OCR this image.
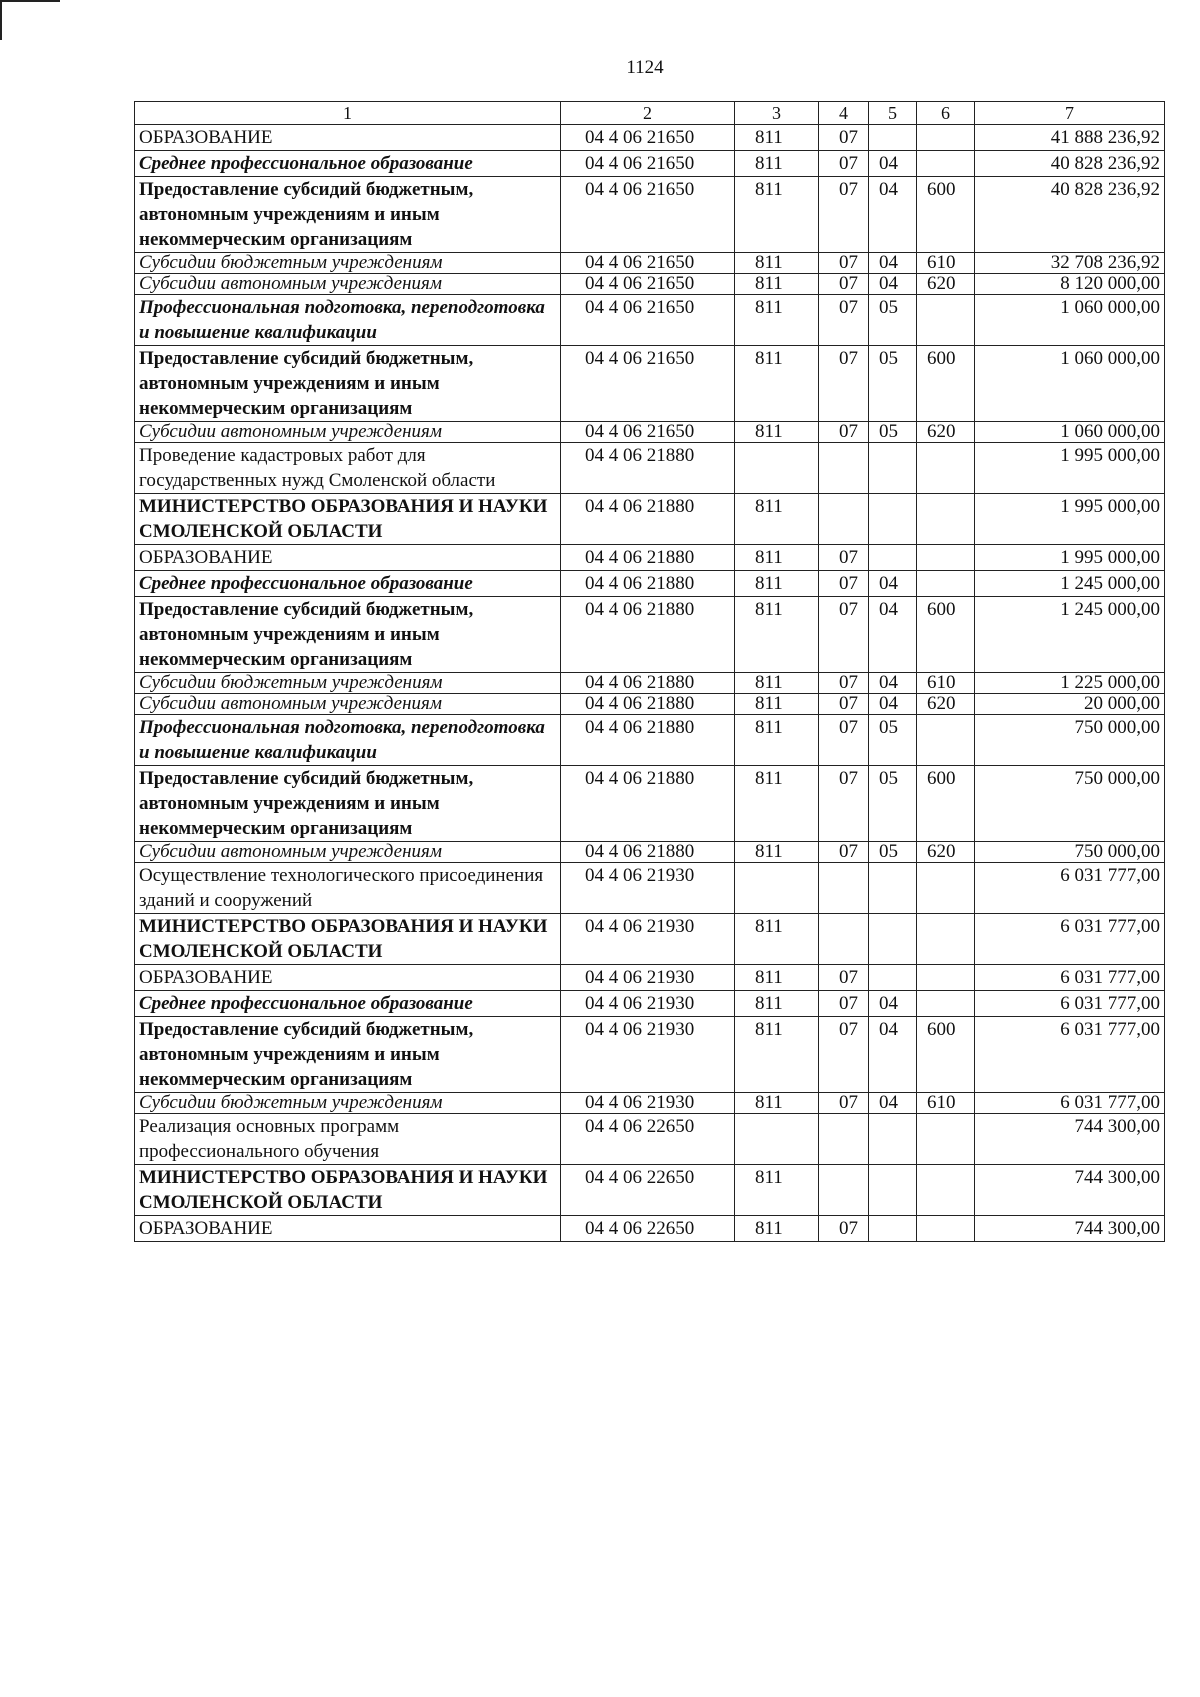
1124
1	2	3	4	5	6	7
ОБРАЗОВАНИЕ	04 4 06 21650	811	07			41 888 236,92
Среднее профессиональное образование	04 4 06 21650	811	07	04		40 828 236,92
Предоставление субсидий бюджетным, автономным учреждениям и иным некоммерческим организациям	04 4 06 21650	811	07	04	600	40 828 236,92
Субсидии бюджетным учреждениям	04 4 06 21650	811	07	04	610	32 708 236,92
Субсидии автономным учреждениям	04 4 06 21650	811	07	04	620	8 120 000,00
Профессиональная подготовка, переподготовка и повышение квалификации	04 4 06 21650	811	07	05		1 060 000,00
Предоставление субсидий бюджетным, автономным учреждениям и иным некоммерческим организациям	04 4 06 21650	811	07	05	600	1 060 000,00
Субсидии автономным учреждениям	04 4 06 21650	811	07	05	620	1 060 000,00
Проведение кадастровых работ для государственных нужд Смоленской области	04 4 06 21880					1 995 000,00
МИНИСТЕРСТВО ОБРАЗОВАНИЯ И НАУКИ СМОЛЕНСКОЙ ОБЛАСТИ	04 4 06 21880	811				1 995 000,00
ОБРАЗОВАНИЕ	04 4 06 21880	811	07			1 995 000,00
Среднее профессиональное образование	04 4 06 21880	811	07	04		1 245 000,00
Предоставление субсидий бюджетным, автономным учреждениям и иным некоммерческим организациям	04 4 06 21880	811	07	04	600	1 245 000,00
Субсидии бюджетным учреждениям	04 4 06 21880	811	07	04	610	1 225 000,00
Субсидии автономным учреждениям	04 4 06 21880	811	07	04	620	20 000,00
Профессиональная подготовка, переподготовка и повышение квалификации	04 4 06 21880	811	07	05		750 000,00
Предоставление субсидий бюджетным, автономным учреждениям и иным некоммерческим организациям	04 4 06 21880	811	07	05	600	750 000,00
Субсидии автономным учреждениям	04 4 06 21880	811	07	05	620	750 000,00
Осуществление технологического присоединения зданий и сооружений	04 4 06 21930					6 031 777,00
МИНИСТЕРСТВО ОБРАЗОВАНИЯ И НАУКИ СМОЛЕНСКОЙ ОБЛАСТИ	04 4 06 21930	811				6 031 777,00
ОБРАЗОВАНИЕ	04 4 06 21930	811	07			6 031 777,00
Среднее профессиональное образование	04 4 06 21930	811	07	04		6 031 777,00
Предоставление субсидий бюджетным, автономным учреждениям и иным некоммерческим организациям	04 4 06 21930	811	07	04	600	6 031 777,00
Субсидии бюджетным учреждениям	04 4 06 21930	811	07	04	610	6 031 777,00
Реализация основных программ профессионального обучения	04 4 06 22650					744 300,00
МИНИСТЕРСТВО ОБРАЗОВАНИЯ И НАУКИ СМОЛЕНСКОЙ ОБЛАСТИ	04 4 06 22650	811				744 300,00
ОБРАЗОВАНИЕ	04 4 06 22650	811	07			744 300,00
